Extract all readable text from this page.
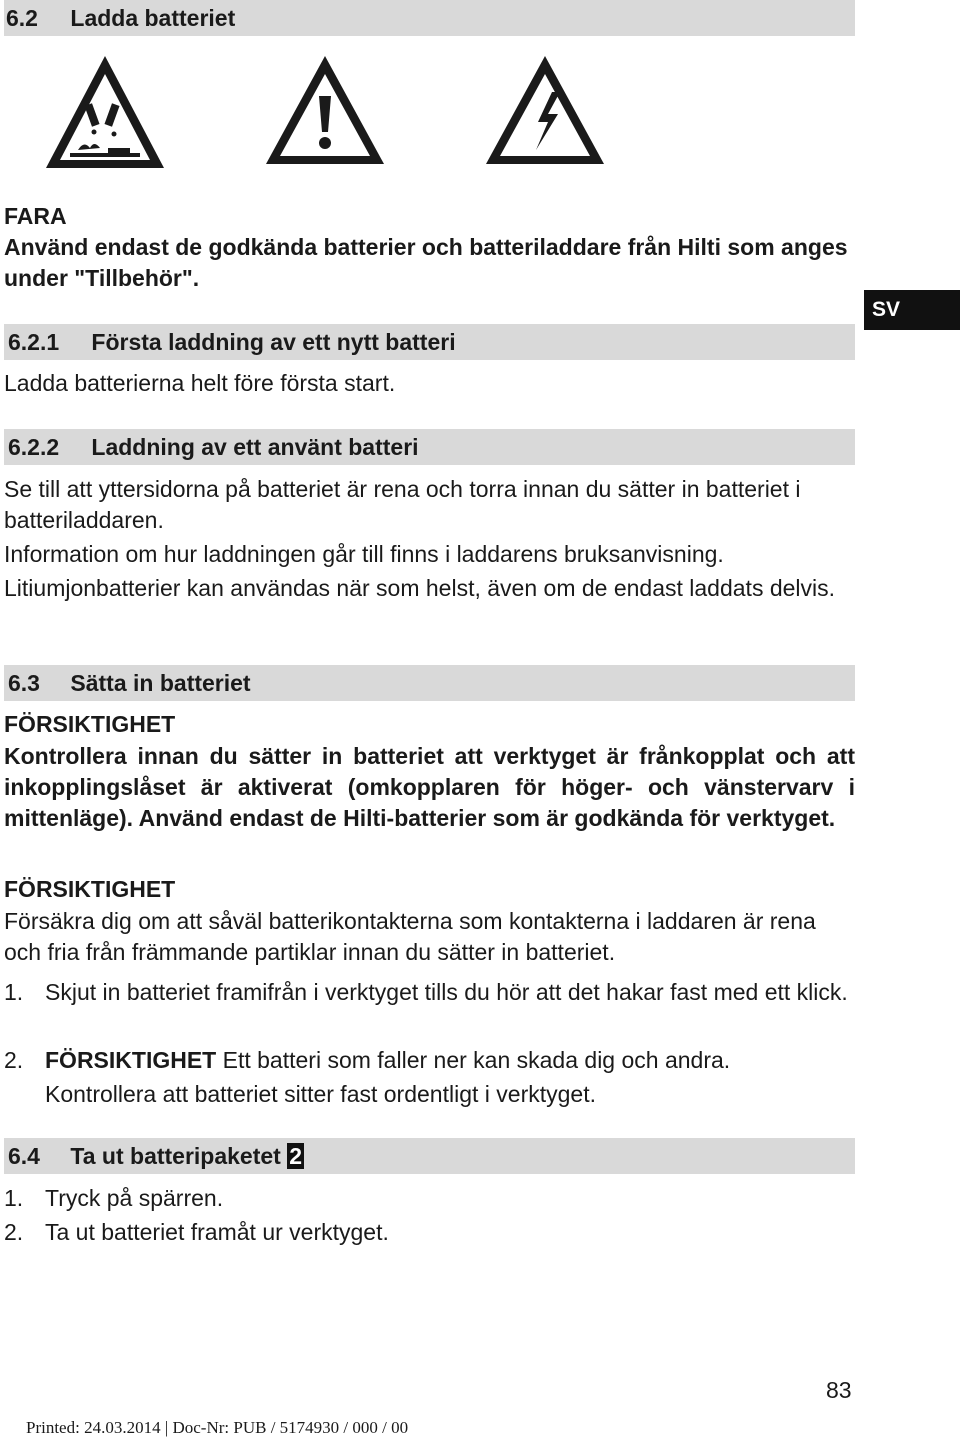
6.2 Ladda batteriet
FARA
Använd endast de godkända batterier och batteriladdare från Hilti som anges under "Tillbehör".
SV
6.2.1 Första laddning av ett nytt batteri
Ladda batterierna helt före första start.
6.2.2 Laddning av ett använt batteri
Se till att yttersidorna på batteriet är rena och torra innan du sätter in batteriet i batteriladdaren.
Information om hur laddningen går till finns i laddarens bruksanvisning.
Litiumjonbatterier kan användas när som helst, även om de endast laddats delvis.
6.3 Sätta in batteriet
FÖRSIKTIGHET
Kontrollera innan du sätter in batteriet att verktyget är frånkopplat och att inkopplingslåset är aktiverat (omkopplaren för höger- och vänstervarv i mittenläge). Använd endast de Hilti-batterier som är godkända för verktyget.
FÖRSIKTIGHET
Försäkra dig om att såväl batterikontakterna som kontakterna i laddaren är rena och fria från främmande partiklar innan du sätter in batteriet.
1. Skjut in batteriet framifrån i verktyget tills du hör att det hakar fast med ett klick.
2. FÖRSIKTIGHET Ett batteri som faller ner kan skada dig och andra. Kontrollera att batteriet sitter fast ordentligt i verktyget.
6.4 Ta ut batteripaketet 2
1. Tryck på spärren.
2. Ta ut batteriet framåt ur verktyget.
83
Printed: 24.03.2014 | Doc-Nr: PUB / 5174930 / 000 / 00
